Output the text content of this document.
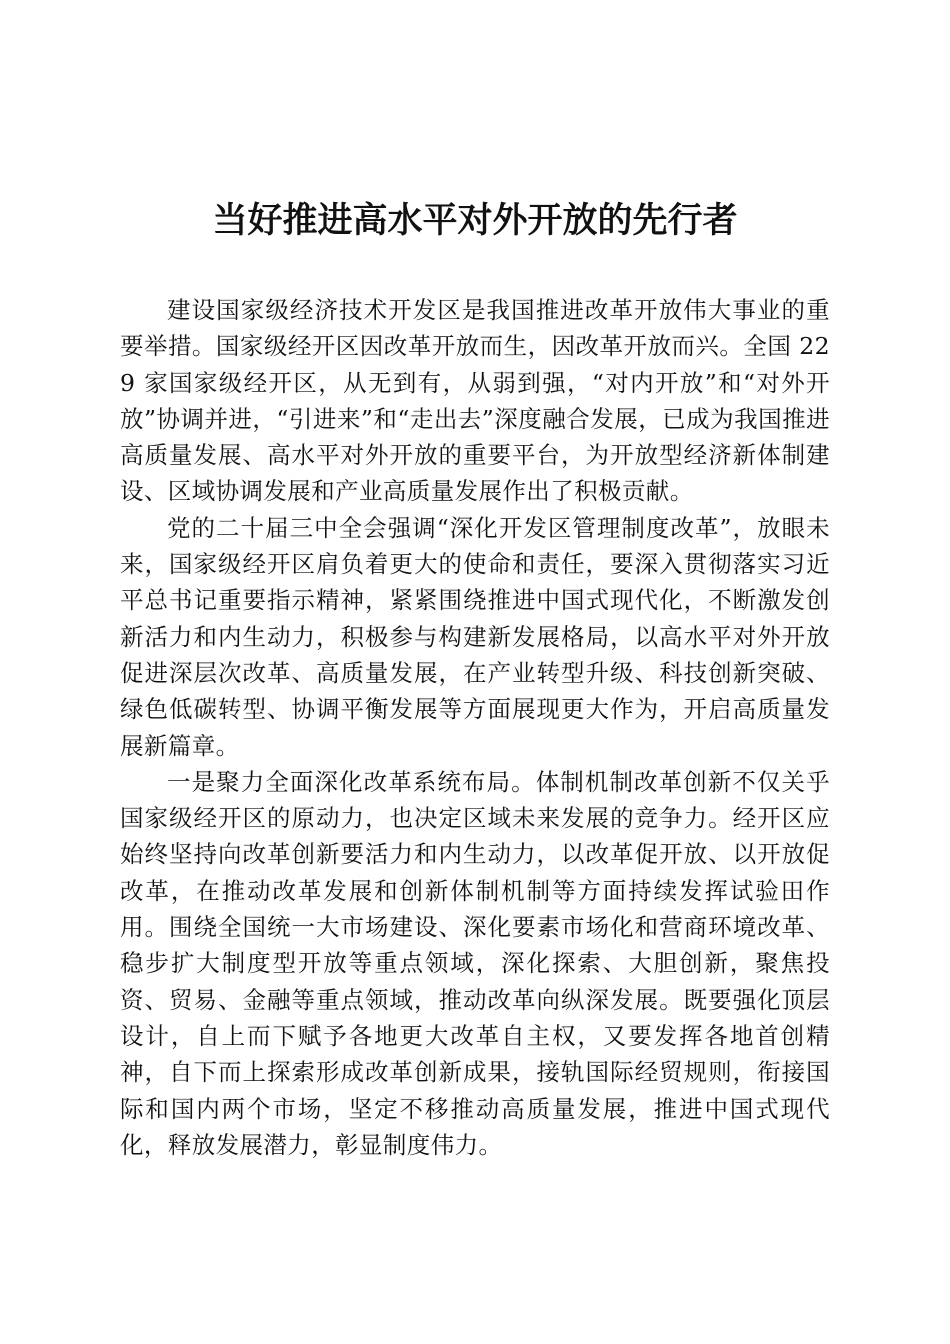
当好推进高水平对外开放的先行者

建设国家级经济技术开发区是我国推进改革开放伟大事业的重要举措。国家级经开区因改革开放而生，因改革开放而兴。全国 229 家国家级经开区，从无到有，从弱到强，“对内开放”和“对外开放”协调并进，“引进来”和“走出去”深度融合发展，已成为我国推进高质量发展、高水平对外开放的重要平台，为开放型经济新体制建设、区域协调发展和产业高质量发展作出了积极贡献。

党的二十届三中全会强调“深化开发区管理制度改革”，放眼未来，国家级经开区肩负着更大的使命和责任，要深入贯彻落实习近平总书记重要指示精神，紧紧围绕推进中国式现代化，不断激发创新活力和内生动力，积极参与构建新发展格局，以高水平对外开放促进深层次改革、高质量发展，在产业转型升级、科技创新突破、绿色低碳转型、协调平衡发展等方面展现更大作为，开启高质量发展新篇章。

一是聚力全面深化改革系统布局。体制机制改革创新不仅关乎国家级经开区的原动力，也决定区域未来发展的竞争力。经开区应始终坚持向改革创新要活力和内生动力，以改革促开放、以开放促改革，在推动改革发展和创新体制机制等方面持续发挥试验田作用。围绕全国统一大市场建设、深化要素市场化和营商环境改革、稳步扩大制度型开放等重点领域，深化探索、大胆创新，聚焦投资、贸易、金融等重点领域，推动改革向纵深发展。既要强化顶层设计，自上而下赋予各地更大改革自主权，又要发挥各地首创精神，自下而上探索形成改革创新成果，接轨国际经贸规则，衔接国际和国内两个市场，坚定不移推动高质量发展，推进中国式现代化，释放发展潜力，彰显制度伟力。
